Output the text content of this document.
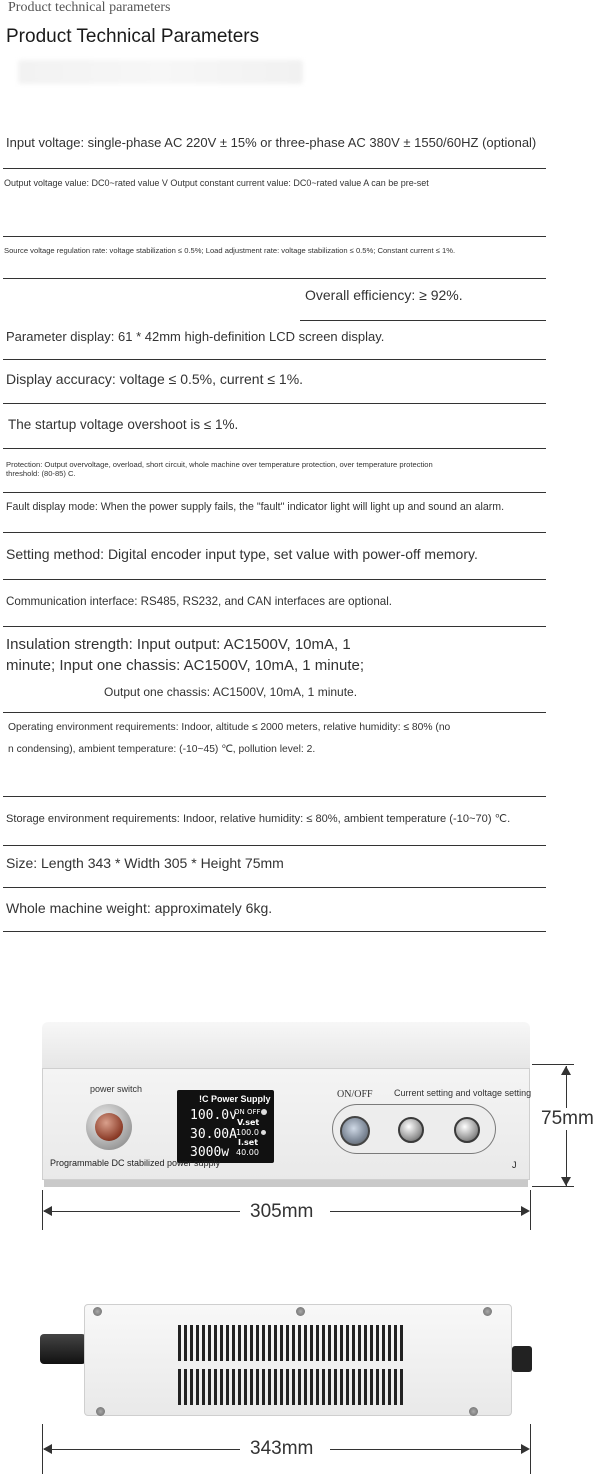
Product technical parameters
Product Technical Parameters
Input voltage: single-phase AC 220V ± 15% or three-phase AC 380V ± 1550/60HZ (optional)
Output voltage value: DC0~rated value V Output constant current value: DC0~rated value A can be pre-set
Source voltage regulation rate: voltage stabilization ≤ 0.5%; Load adjustment rate: voltage stabilization ≤ 0.5%; Constant current ≤ 1%.
Overall efficiency: ≥ 92%.
Parameter display: 61 * 42mm high-definition LCD screen display.
Display accuracy: voltage ≤ 0.5%, current ≤ 1%.
The startup voltage overshoot is ≤ 1%.
Protection: Output overvoltage, overload, short circuit, whole machine over temperature protection, over temperature protection
threshold: (80-85) C.
Fault display mode: When the power supply fails, the "fault" indicator light will light up and sound an alarm.
Setting method: Digital encoder input type, set value with power-off memory.
Communication interface: RS485, RS232, and CAN interfaces are optional.
Insulation strength: Input output: AC1500V, 10mA, 1
minute; Input one chassis: AC1500V, 10mA, 1 minute;
Output one chassis: AC1500V, 10mA, 1 minute.
Operating environment requirements: Indoor, altitude ≤ 2000 meters, relative humidity: ≤ 80% (no
n condensing), ambient temperature: (-10~45) ℃, pollution level: 2.
Storage environment requirements: Indoor, relative humidity: ≤ 80%, ambient temperature (-10~70) ℃.
Size: Length 343 * Width 305 * Height 75mm
Whole machine weight: approximately 6kg.
power switch
!C Power Supply
100.0v
30.00A
3000w
ON OFF
V.set
100.0
I.set
40.00
ON/OFF Current setting and voltage setting
Programmable DC stabilized power supply	J
75mm
305mm
343mm
